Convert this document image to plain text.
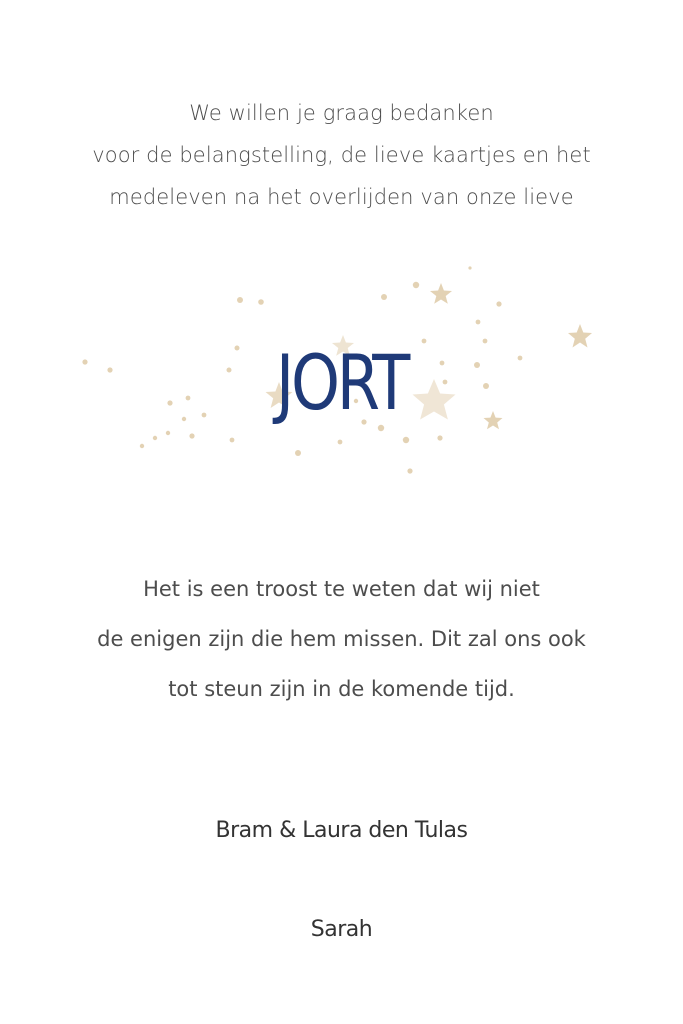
We willen je graag bedanken
voor de belangstelling, de lieve kaartjes en het
medeleven na het overlijden van onze lieve
JORT
Het is een troost te weten dat wij niet
de enigen zijn die hem missen. Dit zal ons ook
tot steun zijn in de komende tijd.
Bram & Laura den Tulas
Sarah
